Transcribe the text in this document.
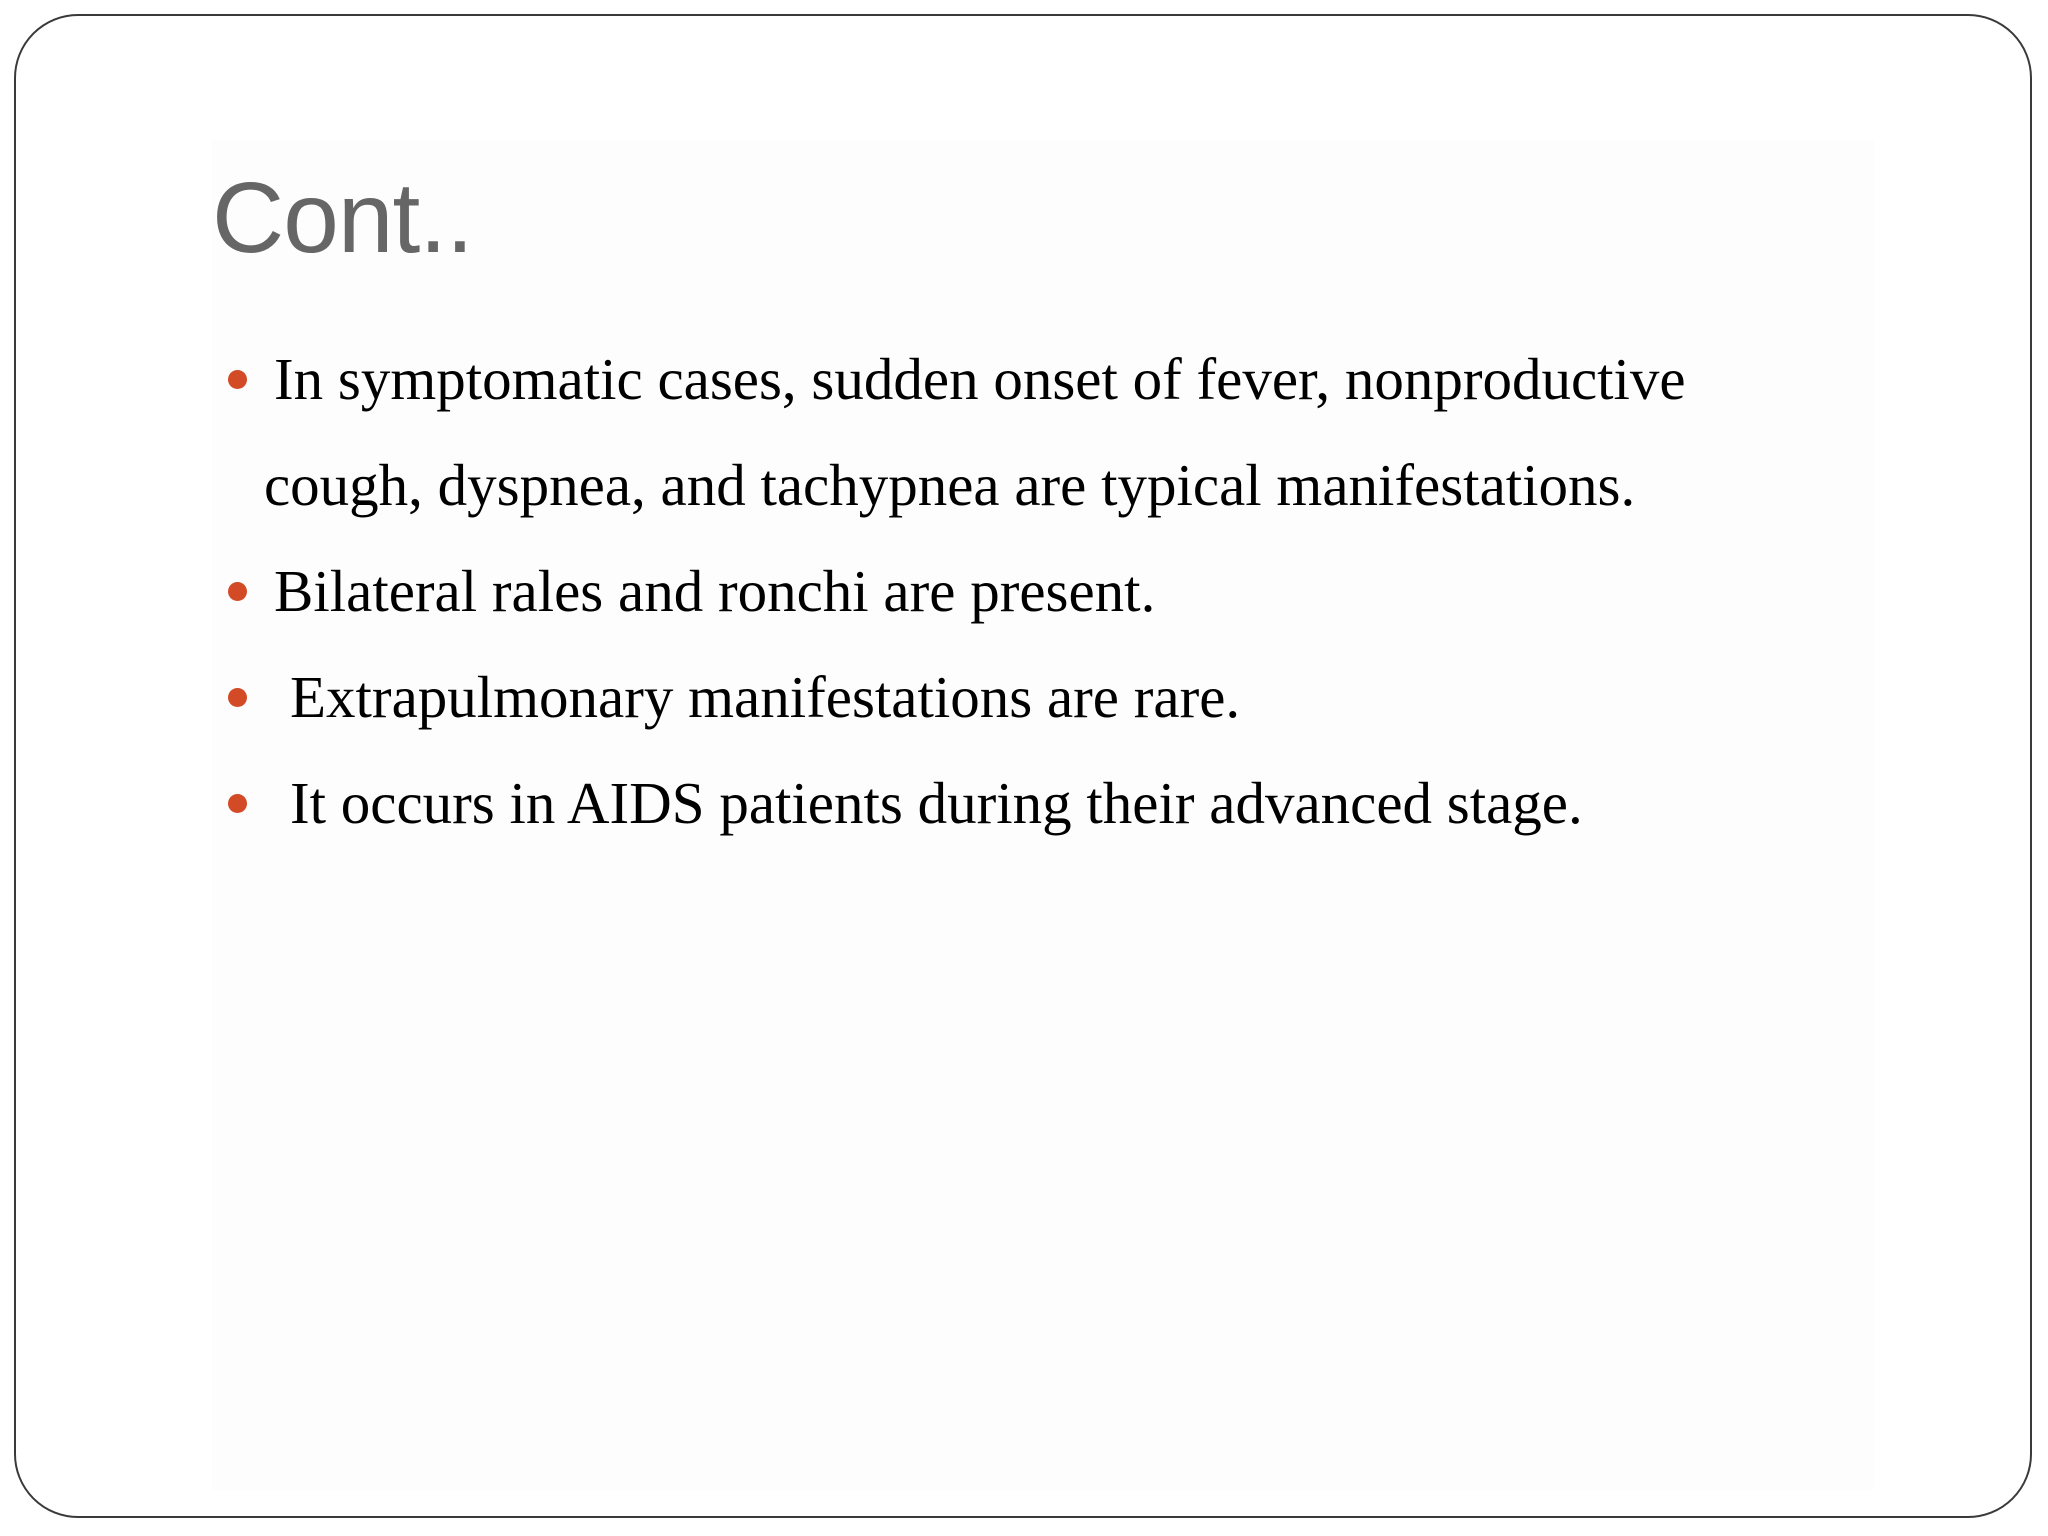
Cont..
In symptomatic cases, sudden onset of fever, nonproductive
cough, dyspnea, and tachypnea are typical manifestations.
Bilateral rales and ronchi are present.
Extrapulmonary manifestations are rare.
It occurs in AIDS patients during their advanced stage.
